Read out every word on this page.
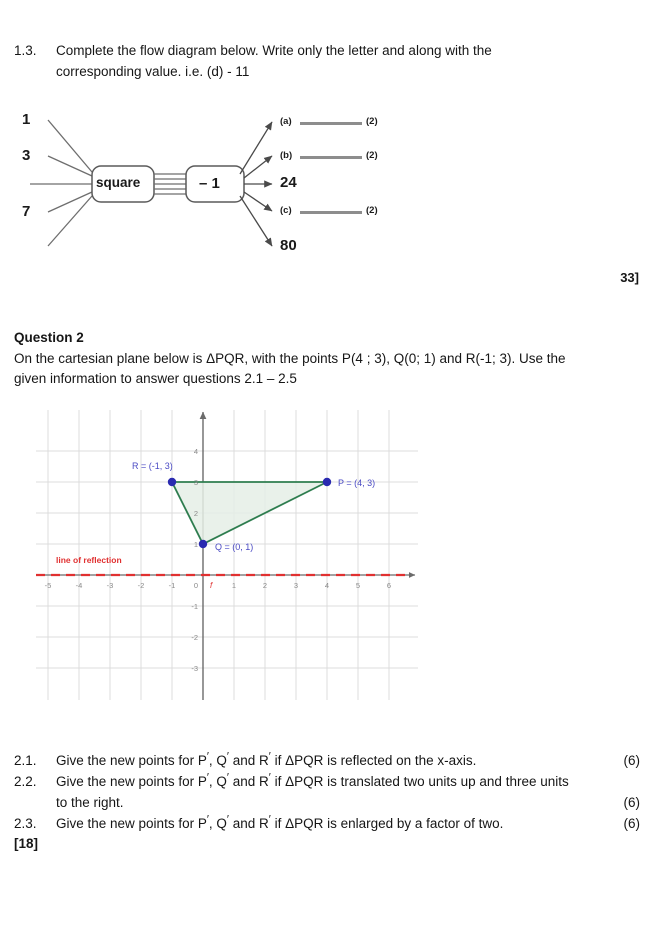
1.3.	Complete the flow diagram below. Write only the letter and along with the
corresponding value. i.e. (d) - 11
1
3
7
square	– 1
(a)	(2)
(b)	(2)
24
(c)	(2)
80
33]
Question 2
On the cartesian plane below is ΔPQR, with the points P(4 ; 3), Q(0; 1) and R(-1; 3). Use the
given information to answer questions 2.1 – 2.5
-5	-4	-3	-2	-1 0	1	2	3	4	5	6
4
3
2
1
-1
-2
-3
f
line of reflection
R = (-1, 3)
P = (4, 3)
Q = (0, 1)
2.1.	Give the new points for P′, Q′ and R′ if ΔPQR is reflected on the x-axis.	(6)
2.2.	Give the new points for P′, Q′ and R′ if ΔPQR is translated two units up and three units
to the right.	(6)
2.3.	Give the new points for P′, Q′ and R′ if ΔPQR is enlarged by a factor of two.	(6)
[18]
